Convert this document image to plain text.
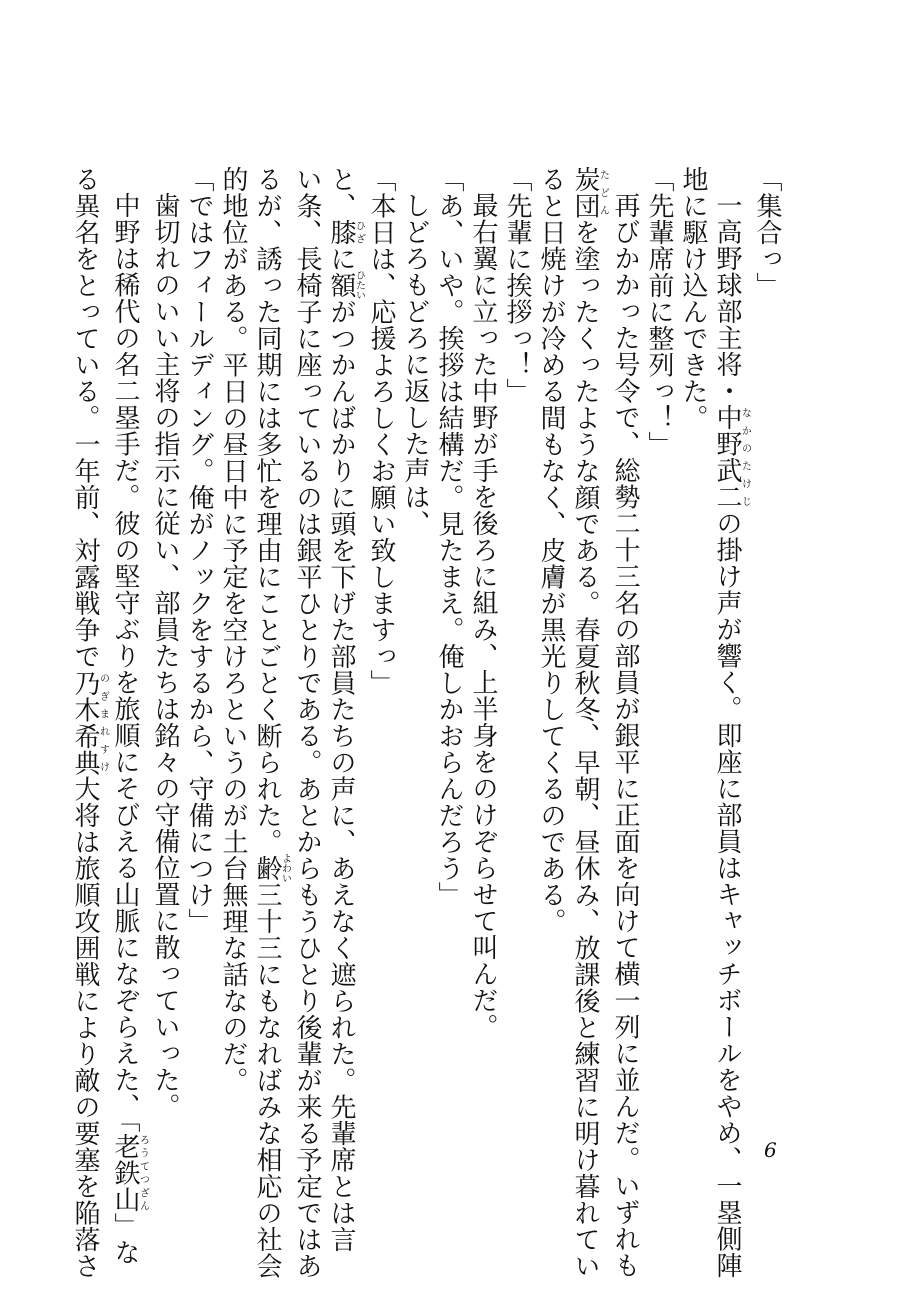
「集合っ」
一高野球部主将・中野なかの武二たけじの掛け声が響く。即座に部員はキャッチボールをやめ、一塁側陣
地に駆け込んできた。
「先輩席前に整列っ！」
再びかかった号令で、総勢二十三名の部員が銀平に正面を向けて横一列に並んだ。いずれも
炭団たどんを塗ったくったような顔である。春夏秋冬、早朝、昼休み、放課後と練習に明け暮れてい
ると日焼けが冷める間もなく、皮膚が黒光りしてくるのである。
「先輩に挨拶っ！」
最右翼に立った中野が手を後ろに組み、上半身をのけぞらせて叫んだ。
「あ、いや。挨拶は結構だ。見たまえ。俺しかおらんだろう」
しどろもどろに返した声は、
「本日は、応援よろしくお願い致しますっ」
と、膝ひざに額ひたいがつかんばかりに頭を下げた部員たちの声に、あえなく遮られた。先輩席とは言
い条、長椅子に座っているのは銀平ひとりである。あとからもうひとり後輩が来る予定ではあ
るが、誘った同期には多忙を理由にことごとく断られた。齢よわい三十三にもなればみな相応の社会
的地位がある。平日の昼日中に予定を空けろというのが土台無理な話なのだ。
「ではフィールディング。俺がノックをするから、守備につけ」
歯切れのいい主将の指示に従い、部員たちは銘々の守備位置に散っていった。
中野は稀代の名二塁手だ。彼の堅守ぶりを旅順にそびえる山脈になぞらえた、「老鉄山ろうてつざん」な
る異名をとっている。一年前、対露戦争で乃木希典のぎまれすけ大将は旅順攻囲戦により敵の要塞を陥落さ	6
